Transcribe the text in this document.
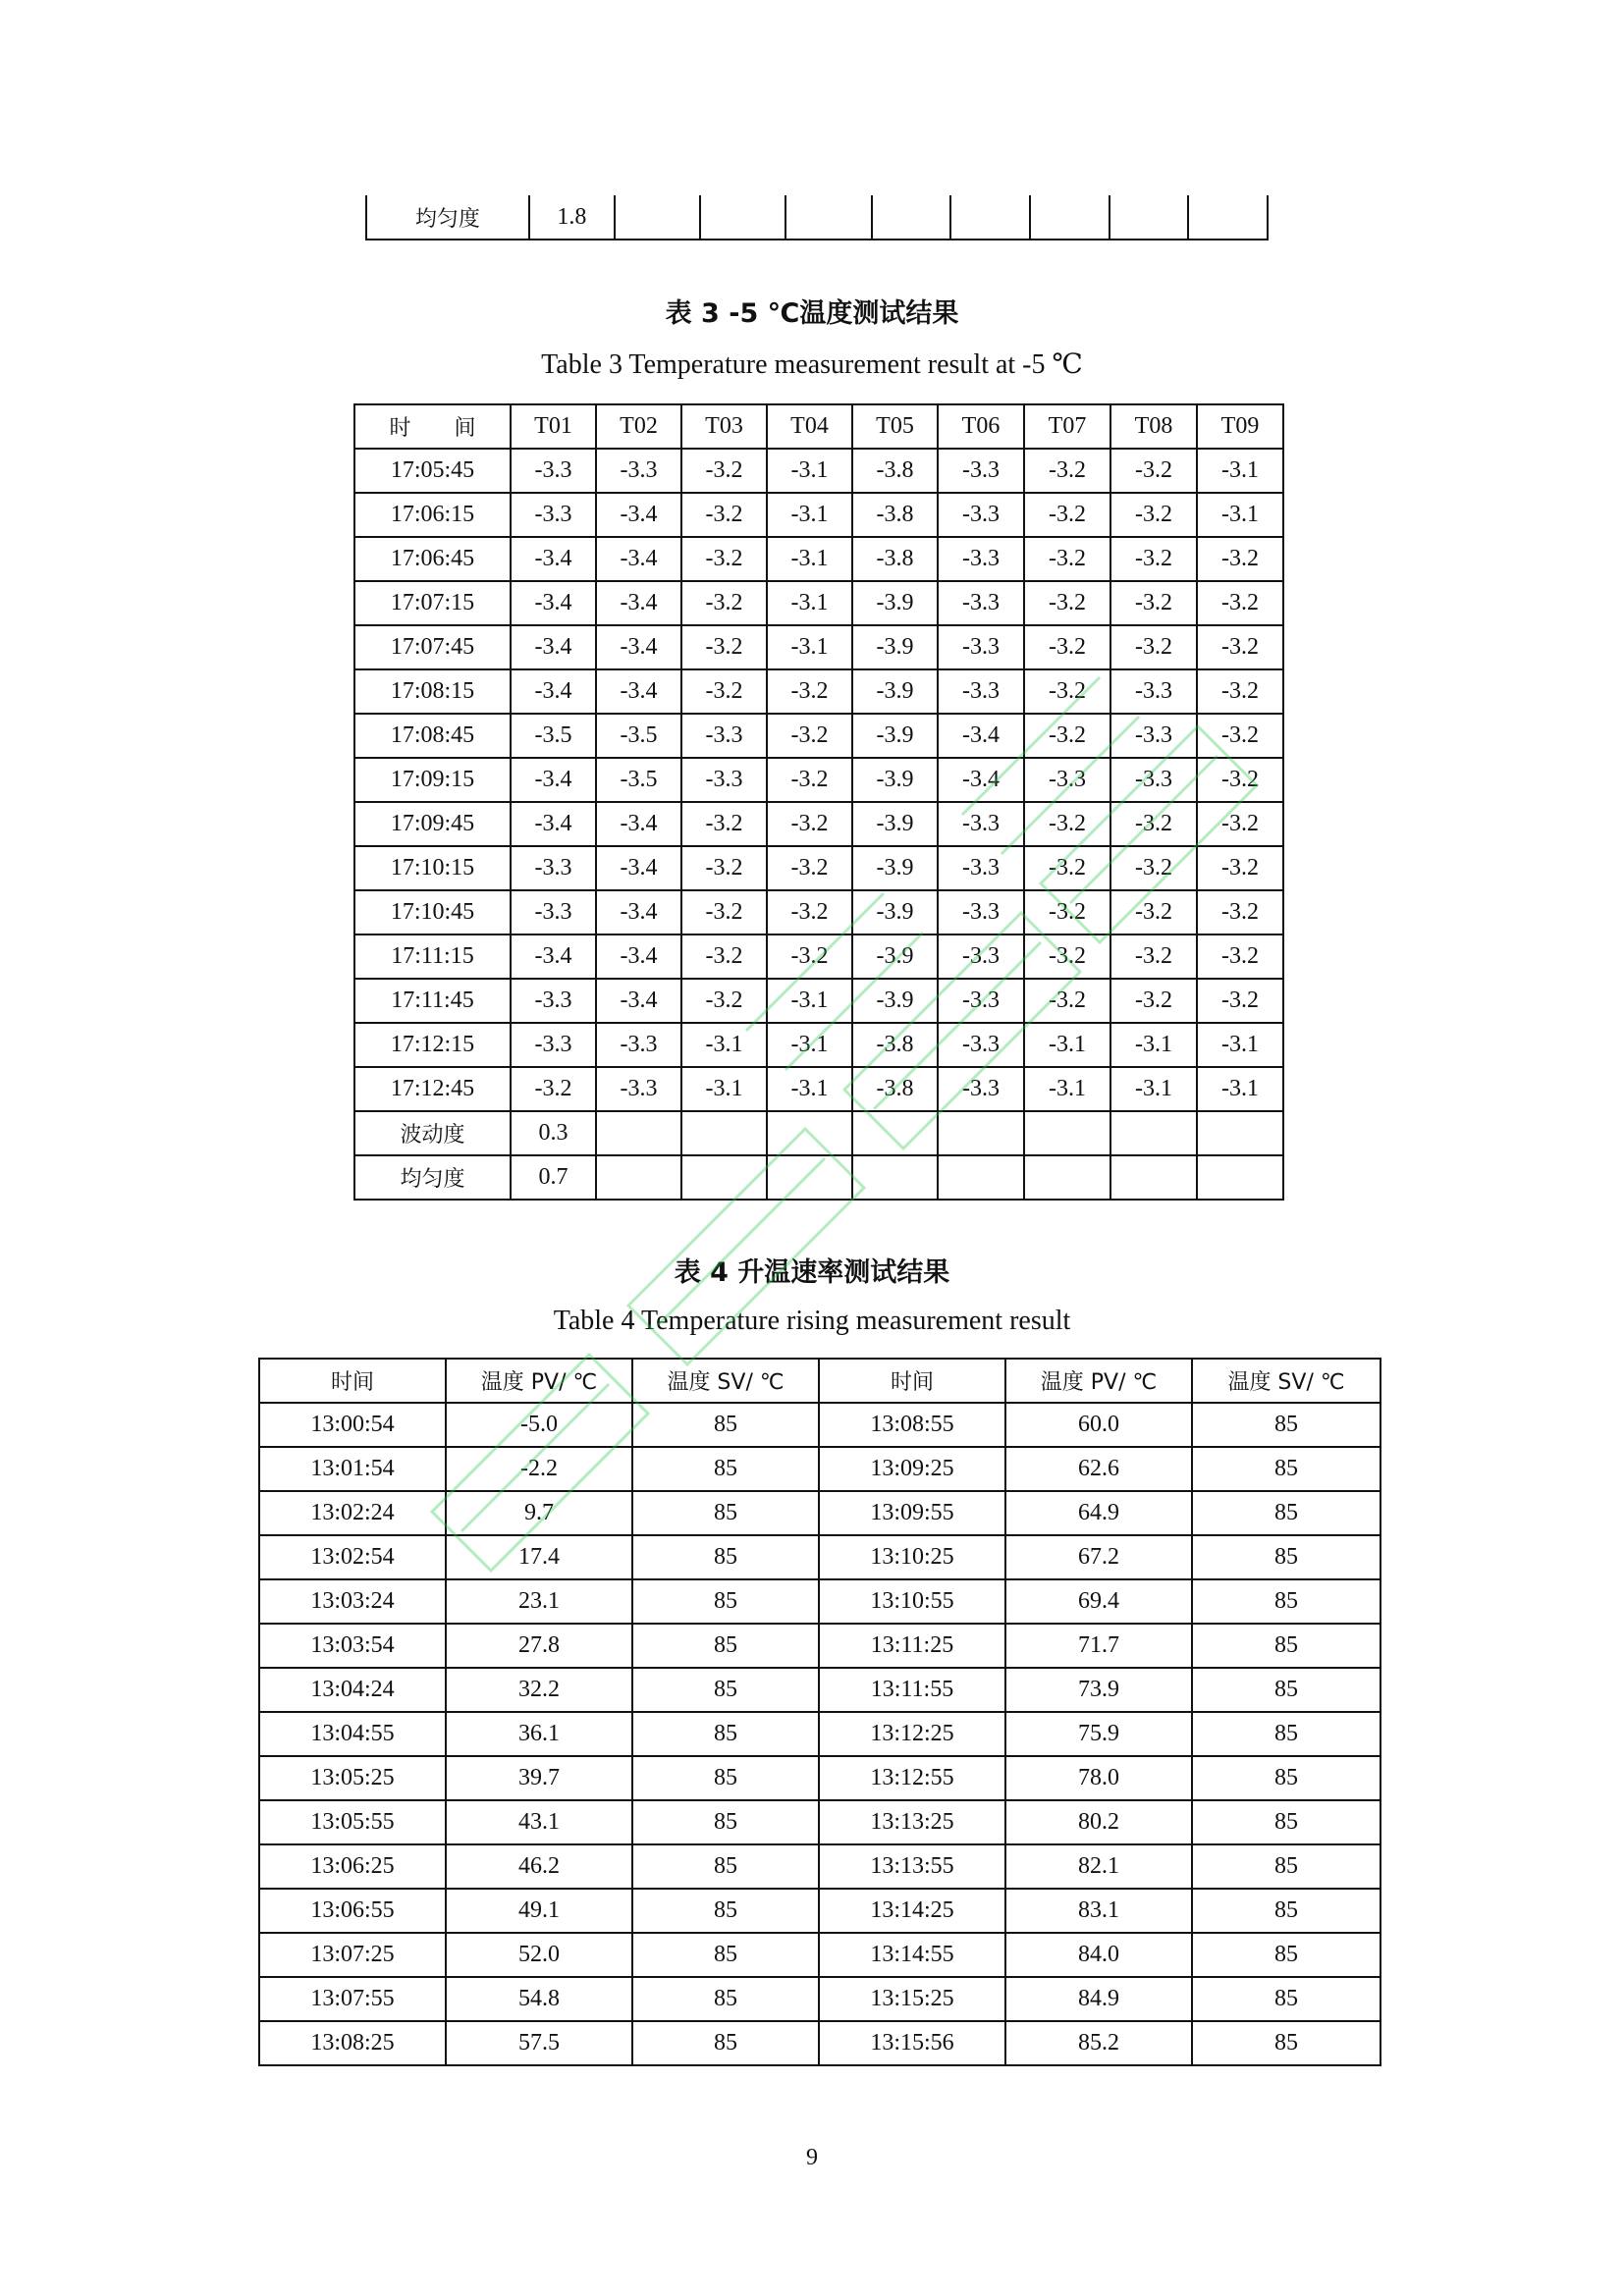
均匀度	1.8								
表 3 -5 ℃温度测试结果
Table 3 Temperature measurement result at -5 ℃
时　　间	T01	T02	T03	T04	T05	T06	T07	T08	T09
17:05:45	-3.3	-3.3	-3.2	-3.1	-3.8	-3.3	-3.2	-3.2	-3.1
17:06:15	-3.3	-3.4	-3.2	-3.1	-3.8	-3.3	-3.2	-3.2	-3.1
17:06:45	-3.4	-3.4	-3.2	-3.1	-3.8	-3.3	-3.2	-3.2	-3.2
17:07:15	-3.4	-3.4	-3.2	-3.1	-3.9	-3.3	-3.2	-3.2	-3.2
17:07:45	-3.4	-3.4	-3.2	-3.1	-3.9	-3.3	-3.2	-3.2	-3.2
17:08:15	-3.4	-3.4	-3.2	-3.2	-3.9	-3.3	-3.2	-3.3	-3.2
17:08:45	-3.5	-3.5	-3.3	-3.2	-3.9	-3.4	-3.2	-3.3	-3.2
17:09:15	-3.4	-3.5	-3.3	-3.2	-3.9	-3.4	-3.3	-3.3	-3.2
17:09:45	-3.4	-3.4	-3.2	-3.2	-3.9	-3.3	-3.2	-3.2	-3.2
17:10:15	-3.3	-3.4	-3.2	-3.2	-3.9	-3.3	-3.2	-3.2	-3.2
17:10:45	-3.3	-3.4	-3.2	-3.2	-3.9	-3.3	-3.2	-3.2	-3.2
17:11:15	-3.4	-3.4	-3.2	-3.2	-3.9	-3.3	-3.2	-3.2	-3.2
17:11:45	-3.3	-3.4	-3.2	-3.1	-3.9	-3.3	-3.2	-3.2	-3.2
17:12:15	-3.3	-3.3	-3.1	-3.1	-3.8	-3.3	-3.1	-3.1	-3.1
17:12:45	-3.2	-3.3	-3.1	-3.1	-3.8	-3.3	-3.1	-3.1	-3.1
波动度	0.3								
均匀度	0.7								
表 4 升温速率测试结果
Table 4 Temperature rising measurement result
时间	温度 PV/ ℃	温度 SV/ ℃	时间	温度 PV/ ℃	温度 SV/ ℃
13:00:54	-5.0	85	13:08:55	60.0	85
13:01:54	-2.2	85	13:09:25	62.6	85
13:02:24	9.7	85	13:09:55	64.9	85
13:02:54	17.4	85	13:10:25	67.2	85
13:03:24	23.1	85	13:10:55	69.4	85
13:03:54	27.8	85	13:11:25	71.7	85
13:04:24	32.2	85	13:11:55	73.9	85
13:04:55	36.1	85	13:12:25	75.9	85
13:05:25	39.7	85	13:12:55	78.0	85
13:05:55	43.1	85	13:13:25	80.2	85
13:06:25	46.2	85	13:13:55	82.1	85
13:06:55	49.1	85	13:14:25	83.1	85
13:07:25	52.0	85	13:14:55	84.0	85
13:07:55	54.8	85	13:15:25	84.9	85
13:08:25	57.5	85	13:15:56	85.2	85
9
